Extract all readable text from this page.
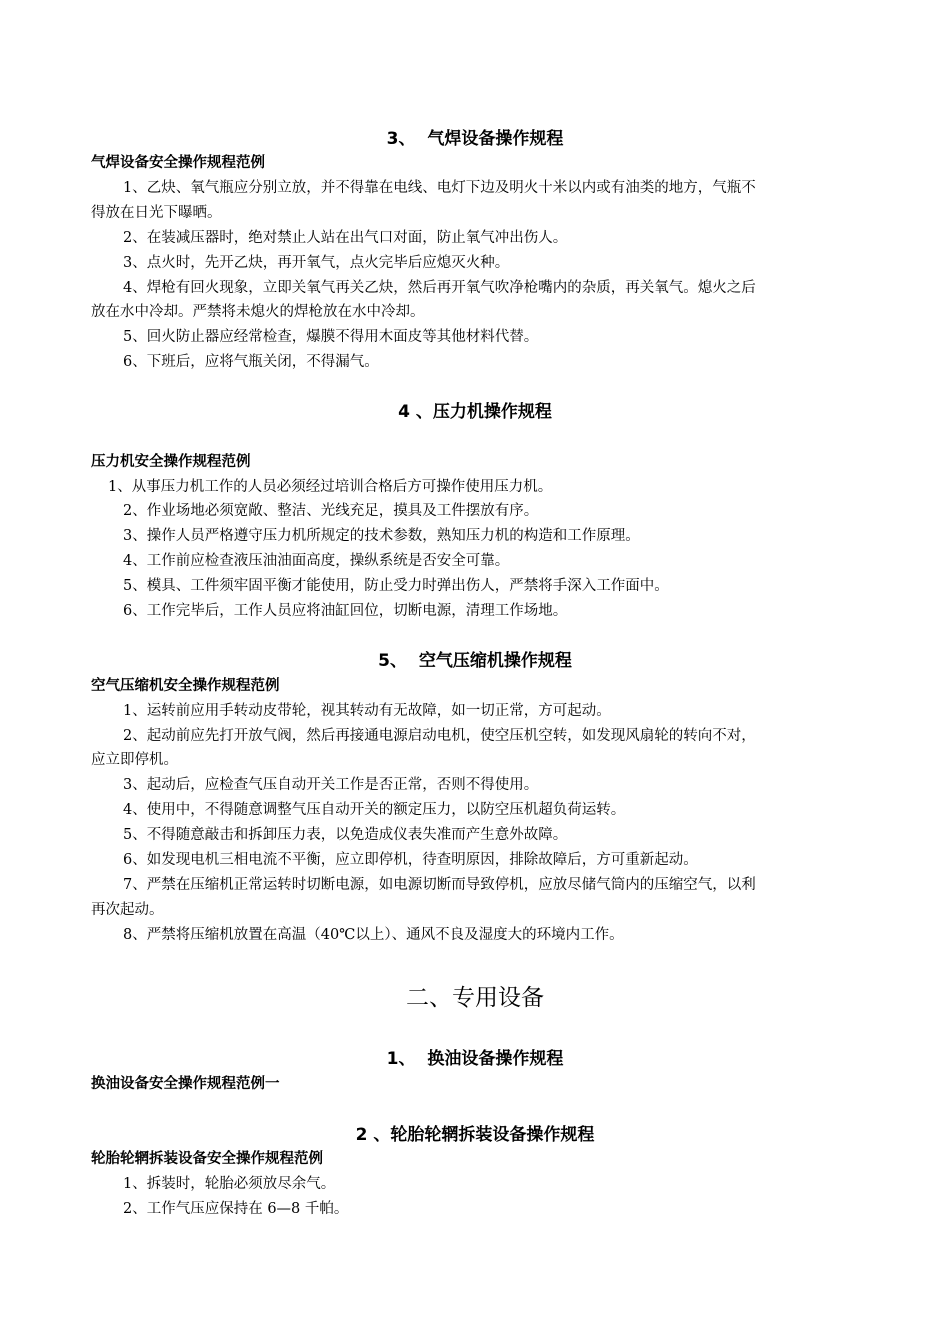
3、  气焊设备操作规程
气焊设备安全操作规程范例
1、乙炔、氧气瓶应分别立放，并不得靠在电线、电灯下边及明火十米以内或有油类的地方，气瓶不
得放在日光下曝晒。
2、在装减压器时，绝对禁止人站在出气口对面，防止氧气冲出伤人。
3、点火时，先开乙炔，再开氧气，点火完毕后应熄灭火种。
4、焊枪有回火现象，立即关氧气再关乙炔，然后再开氧气吹净枪嘴内的杂质，再关氧气。熄火之后
放在水中冷却。严禁将未熄火的焊枪放在水中冷却。
5、回火防止器应经常检查，爆膜不得用木面皮等其他材料代替。
6、下班后，应将气瓶关闭，不得漏气。
4 、压力机操作规程
压力机安全操作规程范例
1、从事压力机工作的人员必须经过培训合格后方可操作使用压力机。
2、作业场地必须宽敞、整洁、光线充足，摸具及工件摆放有序。
3、操作人员严格遵守压力机所规定的技术参数，熟知压力机的构造和工作原理。
4、工作前应检查液压油油面高度，操纵系统是否安全可靠。
5、模具、工件须牢固平衡才能使用，防止受力时弹出伤人，严禁将手深入工作面中。
6、工作完毕后，工作人员应将油缸回位，切断电源，清理工作场地。
5、  空气压缩机操作规程
空气压缩机安全操作规程范例
1、运转前应用手转动皮带轮，视其转动有无故障，如一切正常，方可起动。
2、起动前应先打开放气阀，然后再接通电源启动电机，使空压机空转，如发现风扇轮的转向不对，
应立即停机。
3、起动后，应检查气压自动开关工作是否正常，否则不得使用。
4、使用中，不得随意调整气压自动开关的额定压力，以防空压机超负荷运转。
5、不得随意敲击和拆卸压力表，以免造成仪表失准而产生意外故障。
6、如发现电机三相电流不平衡，应立即停机，待查明原因，排除故障后，方可重新起动。
7、严禁在压缩机正常运转时切断电源，如电源切断而导致停机，应放尽储气筒内的压缩空气，以利
再次起动。
8、严禁将压缩机放置在高温（40℃以上）、通风不良及湿度大的环境内工作。
二、专用设备
1、  换油设备操作规程
换油设备安全操作规程范例一
2 、轮胎轮辋拆装设备操作规程
轮胎轮辋拆装设备安全操作规程范例
1、拆装时，轮胎必须放尽余气。
2、工作气压应保持在 6—8 千帕。
